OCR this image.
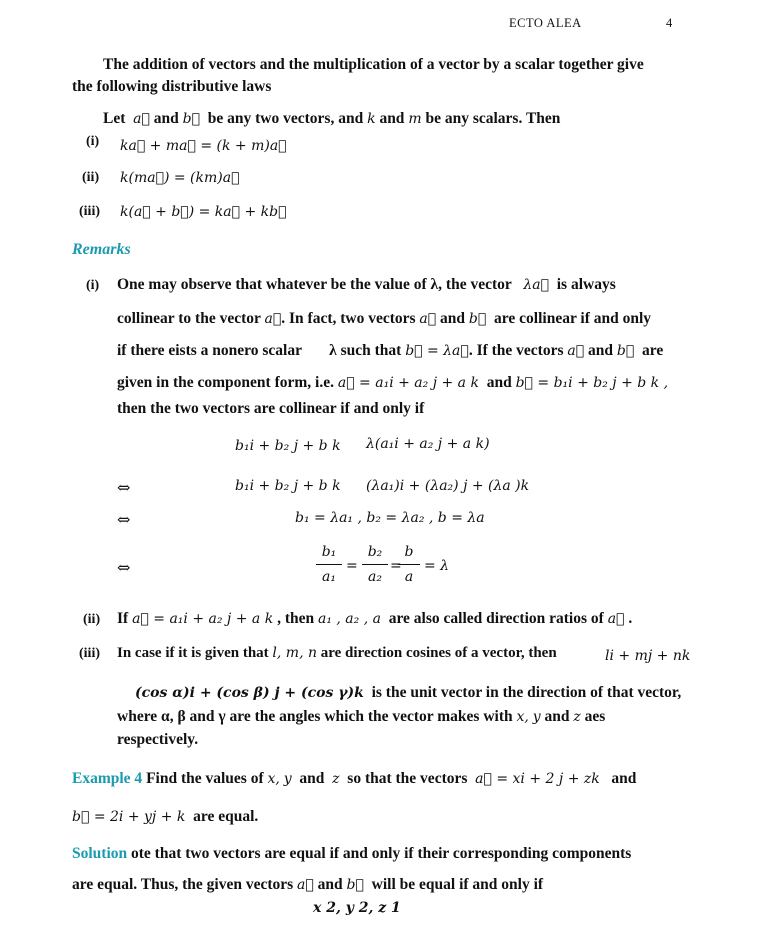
ECTO ALEA	4
The addition of vectors and the multiplication of a vector by a scalar together give
the following distributive laws
Let a⃗ and b⃗ be any two vectors, and k and m be any scalars. Then
(i) ka⃗ + ma⃗ = (k + m)a⃗
(ii) k(ma⃗) = (km)a⃗
(iii) k(a⃗ + b⃗) = ka⃗ + kb⃗
Remarks
(i) One may observe that whatever be the value of λ, the vector λa⃗ is always
collinear to the vector a⃗. In fact, two vectors a⃗ and b⃗ are collinear if and only
if there eists a nonero scalar λ such that b⃗ = λa⃗. If the vectors a⃗ and b⃗ are
given in the component form, i.e. a⃗ = a₁i + a₂ j + a k and b⃗ = b₁i + b₂ j + b k ,
then the two vectors are collinear if and only if
b₁i + b₂ j + b k λ(a₁i + a₂ j + a k)
⇔	b₁i + b₂ j + b k (λa₁)i + (λa₂) j + (λa )k
⇔	b₁ = λa₁ , b₂ = λa₂ , b = λa
⇔
b₁
a₁
=
b₂
a₂
=
b
a
= λ
(ii) If a⃗ = a₁i + a₂ j + a k , then a₁ , a₂ , a are also called direction ratios of a⃗ .
(iii) In case if it is given that l, m, n are direction cosines of a vector, then	li + mj + nk
(cos α)i + (cos β) j + (cos γ)k is the unit vector in the direction of that vector,
where α, β and γ are the angles which the vector makes with x, y and z aes
respectively.
Example 4 Find the values of x, y and z so that the vectors a⃗ = xi + 2 j + zk and
b⃗ = 2i + yj + k are equal.
Solution ote that two vectors are equal if and only if their corresponding components
are equal. Thus, the given vectors a⃗ and b⃗ will be equal if and only if
x 2, y 2, z 1
